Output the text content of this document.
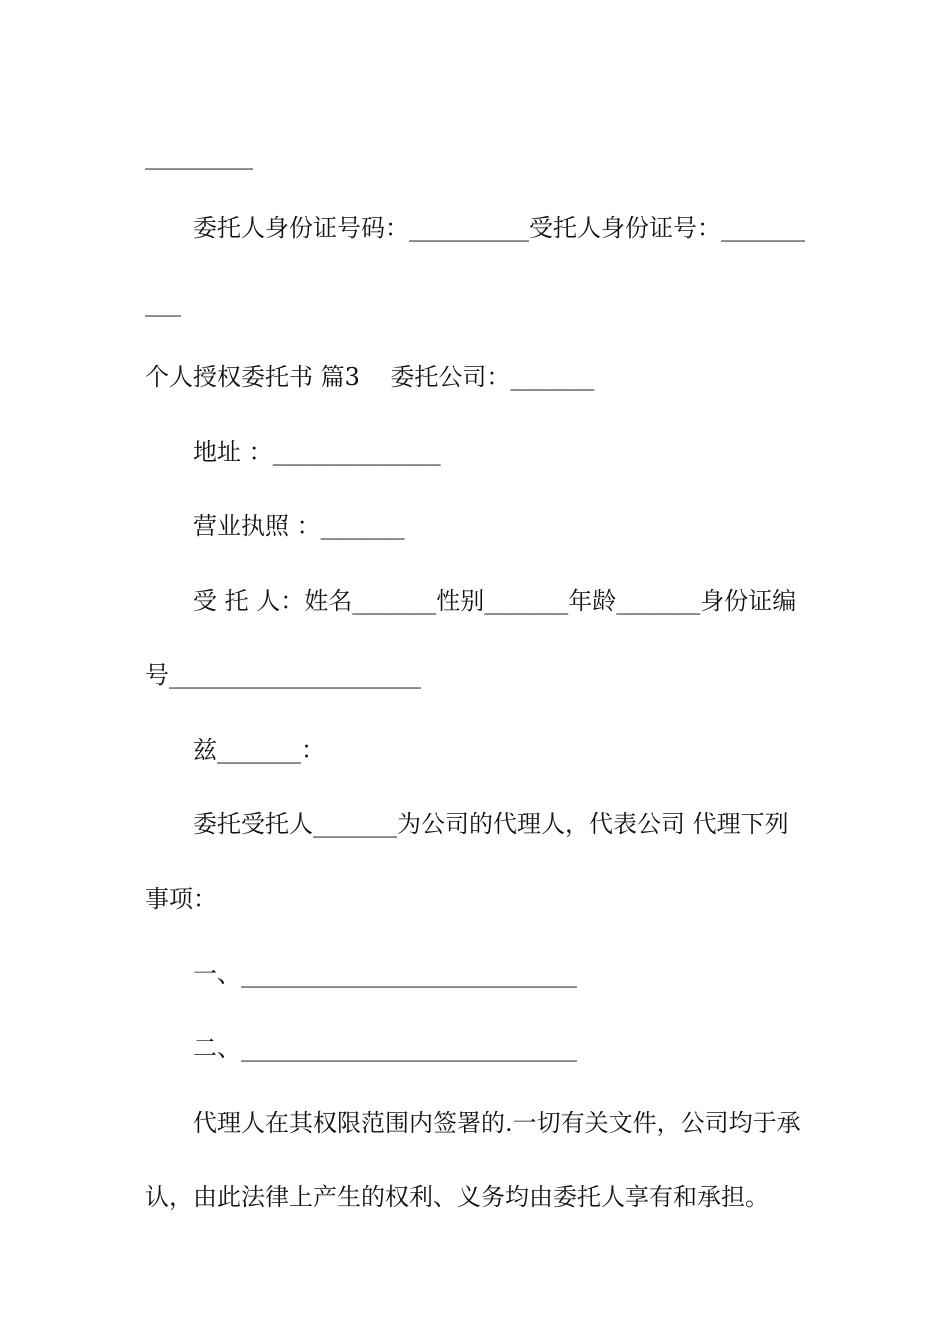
_________
委托人身份证号码：__________受托人身份证号：_______
___
个人授权委托书 篇3    委托公司：_______
地址 ：______________
营业执照 ：_______
受 托 人：姓名_______性别_______年龄_______身份证编
号_____________________
兹_______：
委托受托人_______为公司的代理人，代表公司 代理下列
事项：
一、____________________________
二、____________________________
代理人在其权限范围内签署的.一切有关文件，公司均于承
认，由此法律上产生的权利、义务均由委托人享有和承担。
